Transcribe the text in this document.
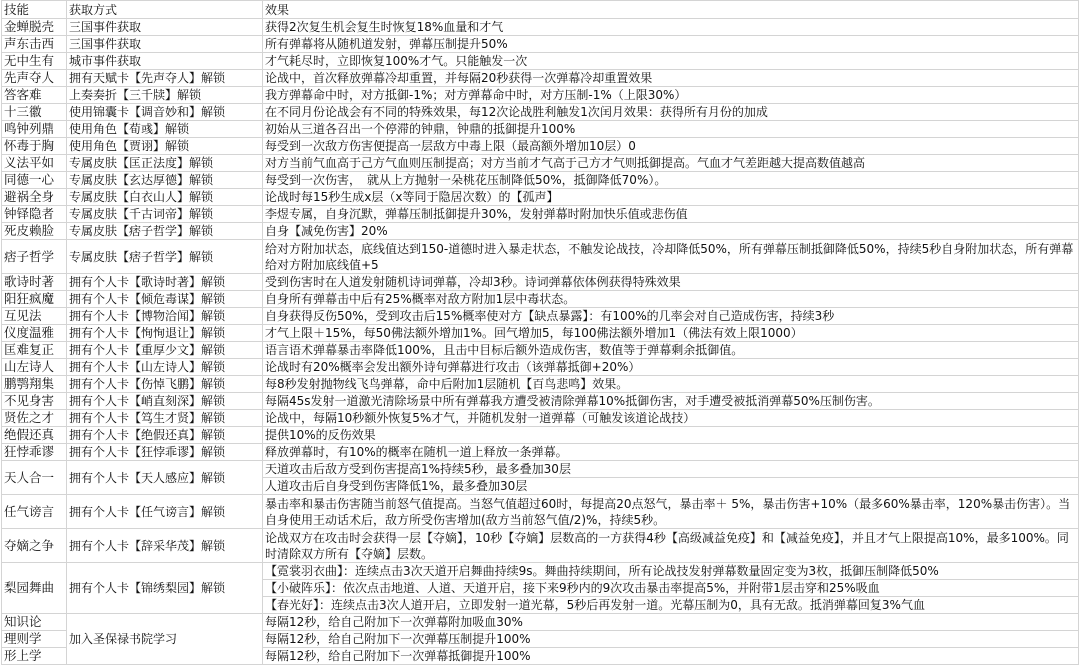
技能	获取方式	效果
金蝉脱壳	三国事件获取	获得2次复生机会复生时恢复18%血量和才气
声东击西	三国事件获取	所有弹幕将从随机道发射，弹幕压制提升50%
无中生有	城市事件获取	才气耗尽时，立即恢复100%才气。只能触发一次
先声夺人	拥有天赋卡【先声夺人】解锁	论战中，首次释放弹幕冷却重置，并每隔20秒获得一次弹幕冷却重置效果
答客难	上奏奏折【三千牍】解锁	我方弹幕命中时，对方抵御-1%；对方弹幕命中时，对方压制-1%（上限30%）
十三徽	使用锦囊卡【调音妙和】解锁	在不同月份论战会有不同的特殊效果，每12次论战胜利触发1次闰月效果：获得所有月份的加成
鸣钟列鼎	使用角色【荀彧】解锁	初始从三道各召出一个停滞的钟鼎，钟鼎的抵御提升100%
怀毒于胸	使用角色【贾诩】解锁	每受到一次敌方伤害便提高一层敌方中毒上限（最高额外增加10层）0
义法平如	专属皮肤【匡正法度】解锁	对方当前气血高于己方气血则压制提高；对方当前才气高于己方才气则抵御提高。气血才气差距越大提高数值越高
同德一心	专属皮肤【玄达厚德】解锁	每受到一次伤害，　就从上方抛射一朵桃花压制降低50%，抵御降低70%）。
避祸全身	专属皮肤【白衣山人】解锁	论战时每15秒生成x层（x等同于隐居次数）的【孤声】
钟铎隐者	专属皮肤【千古词帝】解锁	李煜专属，自身沉默，弹幕压制抵御提升30%，发射弹幕时附加快乐值或悲伤值
死皮赖脸	专属皮肤【痞子哲学】解锁	自身【减免伤害】20%
痞子哲学	专属皮肤【痞子哲学】解锁	给对方附加状态，底线值达到150-道德时进入暴走状态，不触发论战技，冷却降低50%，所有弹幕压制抵御降低50%，持续5秒自身附加状态，所有弹幕给对方附加底线值+5
歌诗时著	拥有个人卡【歌诗时著】解锁	受到伤害时在人道发射随机诗词弹幕，冷却3秒。诗词弹幕依体例获得特殊效果
阳狂疯魔	拥有个人卡【倾危毒谋】解锁	自身所有弹幕击中后有25%概率对敌方附加1层中毒状态。
互见法	拥有个人卡【博物洽闻】解锁	自身获得反伤50%，受到攻击后15%概率使对方【缺点暴露】：有100%的几率会对自己造成伤害，持续3秒
仪度温雅	拥有个人卡【恂恂退让】解锁	才气上限＋15%，每50佛法额外增加1%。回气增加5，每100佛法额外增加1（佛法有效上限1000）
匡难复正	拥有个人卡【重厚少文】解锁	语言语术弹幕暴击率降低100%，且击中目标后额外造成伤害，数值等于弹幕剩余抵御值。
山左诗人	拥有个人卡【山左诗人】解锁	论战时有20%概率会发出额外诗句弹幕进行攻击（该弹幕抵御+20%）
鹏鹗翔集	拥有个人卡【伤悼飞鹏】解锁	每8秒发射抛物线飞鸟弹幕，命中后附加1层随机【百鸟悲鸣】效果。
不见身害	拥有个人卡【峭直刻深】解锁	每隔45s发射一道激光清除场景中所有弹幕我方遭受被清除弹幕10%抵御伤害，对手遭受被抵消弹幕50%压制伤害。
贤佐之才	拥有个人卡【笃生才贤】解锁	论战中，每隔10秒额外恢复5%才气，并随机发射一道弹幕（可触发该道论战技）
绝假还真	拥有个人卡【绝假还真】解锁	提供10%的反伤效果
狂悖乖谬	拥有个人卡【狂悖乖谬】解锁	释放弹幕时，有10%的概率在随机一道上释放一条弹幕。
天人合一	拥有个人卡【天人感应】解锁	天道攻击后敌方受到伤害提高1%持续5秒，最多叠加30层
		人道攻击后自身受到伤害降低1%，最多叠加30层
任气谤言	拥有个人卡【任气谤言】解锁	暴击率和暴击伤害随当前怒气值提高。当怒气值超过60时，每提高20点怒气，暴击率＋ 5%，暴击伤害+10%（最多60%暴击率，120%暴击伤害）。当自身使用王动话术后，敌方所受伤害增加(敌方当前怒气值/2)%，持续5秒。
夺嫡之争	拥有个人卡【辞采华茂】解锁	论战双方在攻击时会获得一层【夺嫡】，10秒【夺嫡】层数高的一方获得4秒【高级减益免疫】和【减益免疫】，并且才气上限提高10%，最多100%。同时清除双方所有【夺嫡】层数。
梨园舞曲	拥有个人卡【锦绣梨园】解锁	【霓裳羽衣曲】：连续点击3次天道开启舞曲持续9s。舞曲持续期间，所有论战技发射弹幕数量固定变为3枚，抵御压制降低50%
		【小破阵乐】：依次点击地道、人道、天道开启，接下来9秒内的9次攻击暴击率提高5%，并附带1层击穿和25%吸血
		【春光好】：连续点击3次人道开启，立即发射一道光幕，5秒后再发射一道。光幕压制为0，具有无敌。抵消弹幕回复3%气血
知识论	加入圣保禄书院学习	每隔12秒，给自己附加下一次弹幕附加吸血30%
理则学		每隔12秒，给自己附加下一次弹幕压制提升100%
形上学		每隔12秒，给自己附加下一次弹幕抵御提升100%
